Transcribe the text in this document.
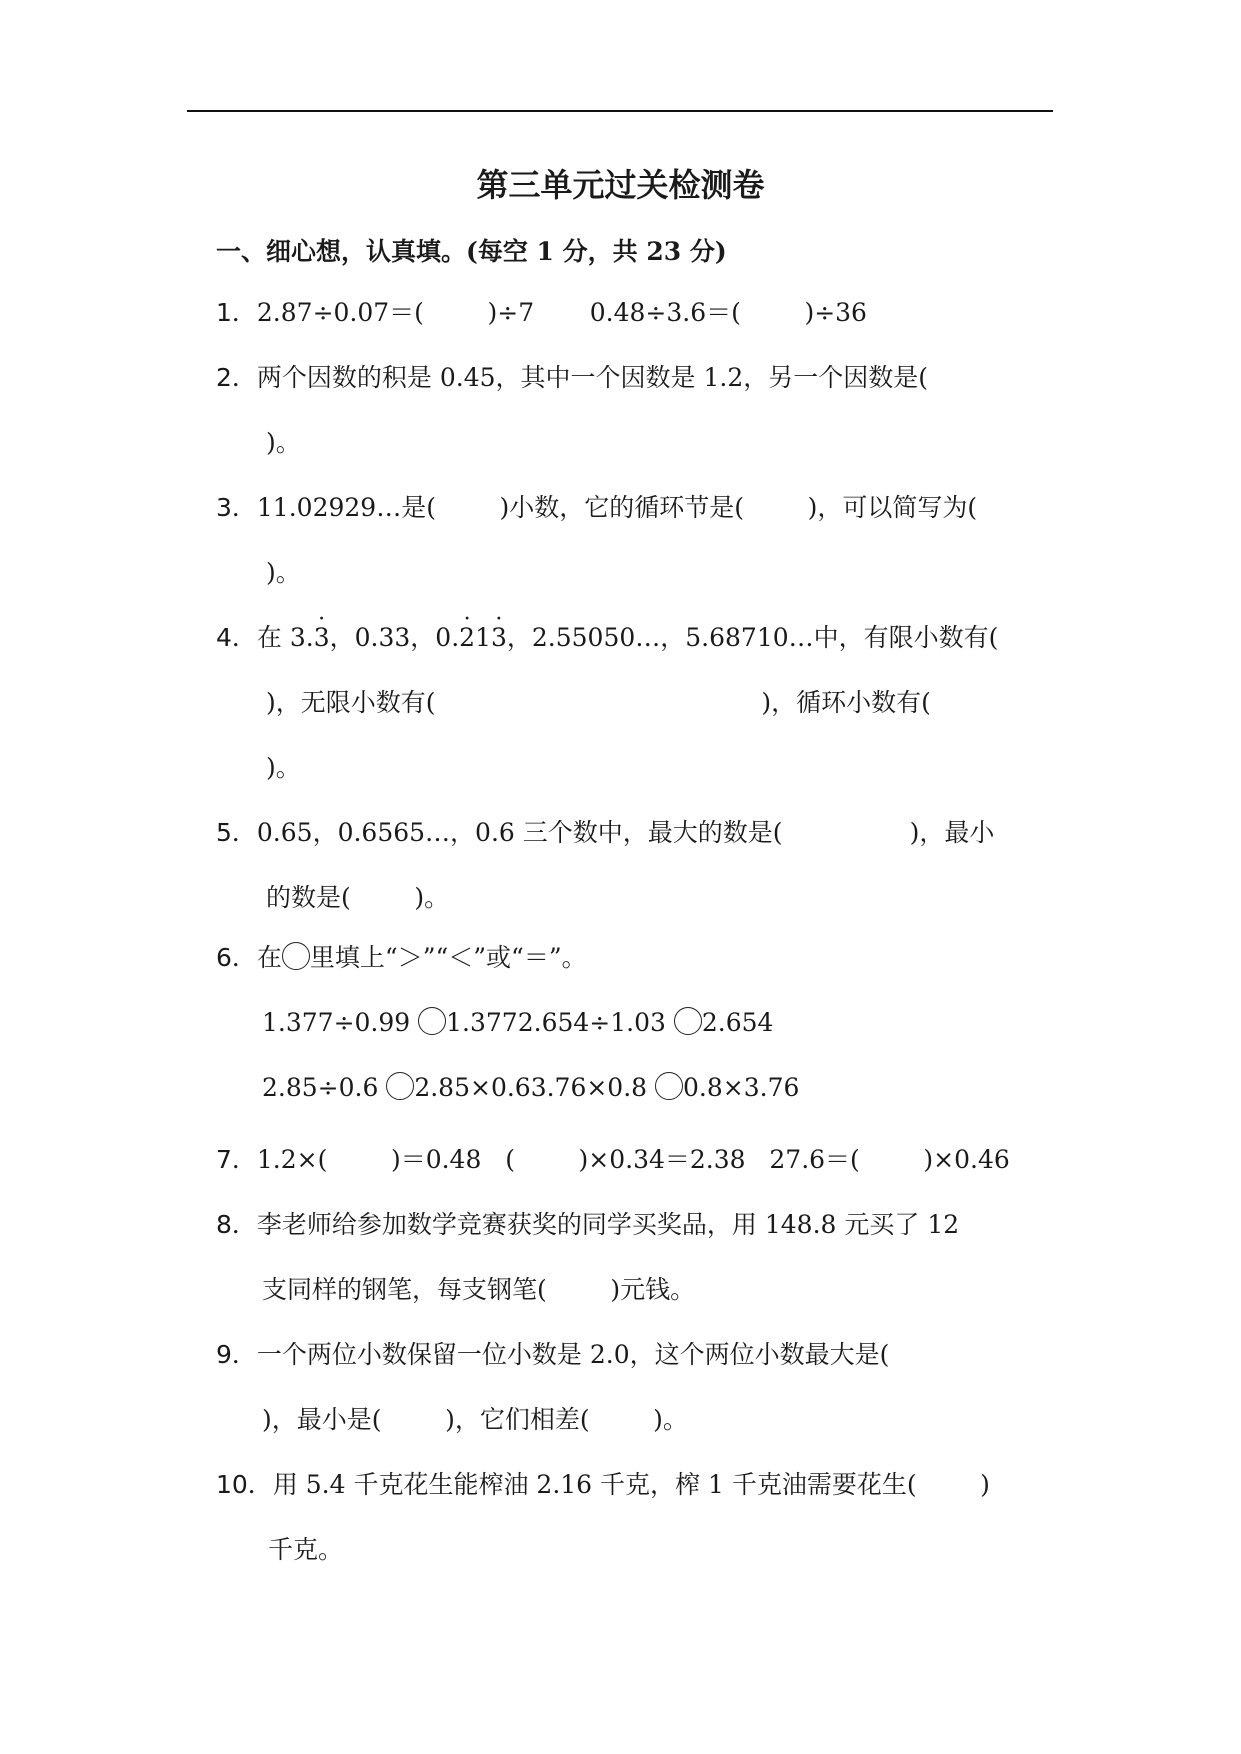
第三单元过关检测卷
一、细心想，认真填。(每空 1 分，共 23 分)
1．2.87÷0.07＝(        )÷7       0.48÷3.6＝(        )÷36
2．两个因数的积是 0.45，其中一个因数是 1.2，另一个因数是(
)。
3．11.02929…是(        )小数，它的循环节是(        )，可以简写为(
)。
4．在 3.· 3，0.33，0.· 21· 3，2.55050…，5.68710…中，有限小数有(
)，无限小数有(                                         )，循环小数有(
)。
5．0.65，0.6565…，0.6 三个数中，最大的数是(                )，最小
的数是(        )。
6．在 里填上“＞”“＜”或“＝”。
1.377÷0.99 1.3772.654÷1.03 2.654
2.85÷0.6 2.85×0.63.76×0.8 0.8×3.76
7．1.2×(        )＝0.48   (        )×0.34＝2.38   27.6＝(        )×0.46
8．李老师给参加数学竞赛获奖的同学买奖品，用 148.8 元买了 12
支同样的钢笔，每支钢笔(        )元钱。
9．一个两位小数保留一位小数是 2.0，这个两位小数最大是(
)，最小是(        )，它们相差(        )。
10．用 5.4 千克花生能榨油 2.16 千克，榨 1 千克油需要花生(        )
千克。
